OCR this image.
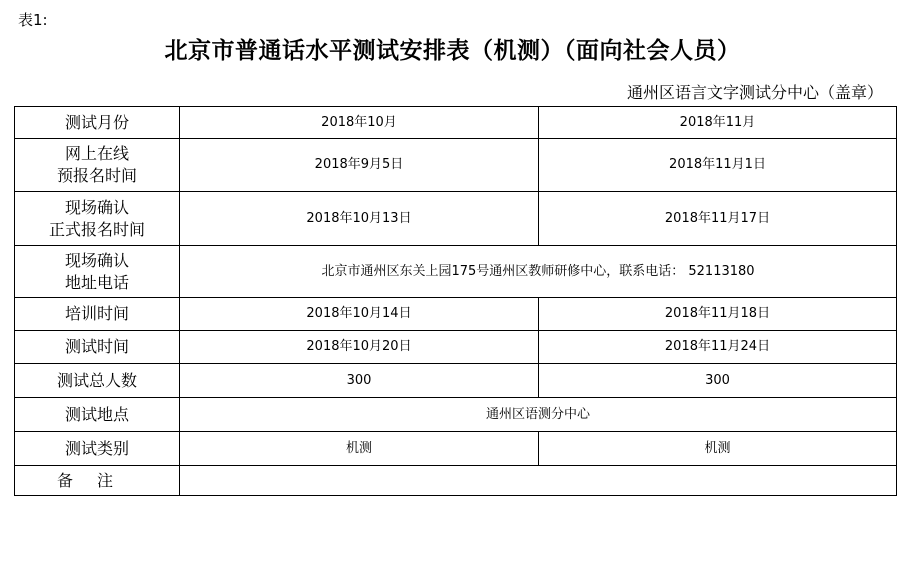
表1:
北京市普通话水平测试安排表（机测）（面向社会人员）
通州区语言文字测试分中心（盖章）
测试月份	2018年10月	2018年11月

网上在线
预报名时间	2018年9月5日	2018年11月1日

现场确认
正式报名时间	2018年10月13日	2018年11月17日

现场确认
地址电话	北京市通州区东关上园175号通州区教师研修中心，联系电话： 52113180	
培训时间	2018年10月14日	2018年11月18日
测试时间	2018年10月20日	2018年11月24日
测试总人数	300	300
测试地点	通州区语测分中心	
测试类别	机测	机测
备注		
